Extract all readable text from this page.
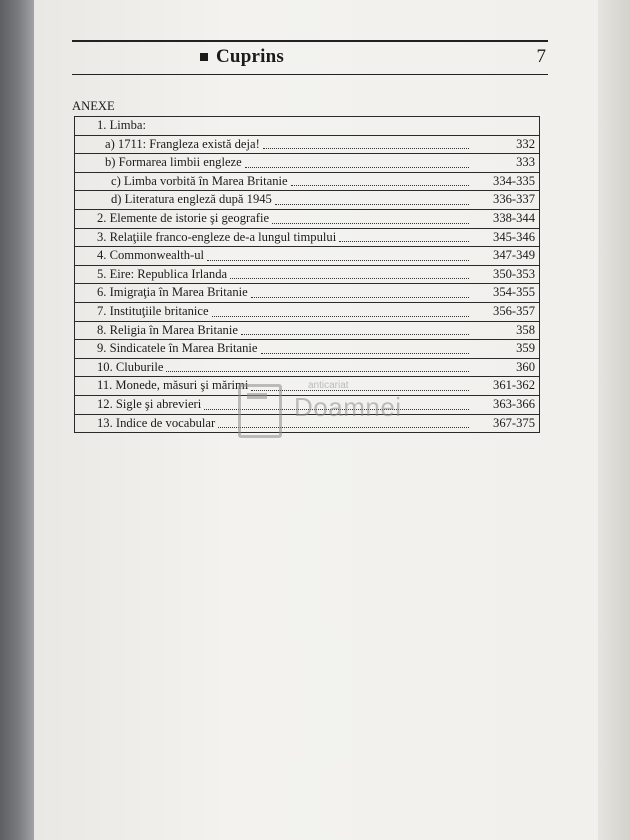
Cuprins	7
ANEXE
1. Limba:
a) 1711: Frangleza există deja!	332
b) Formarea limbii engleze	333
c) Limba vorbită în Marea Britanie	334-335
d) Literatura engleză după 1945	336-337
2. Elemente de istorie şi geografie	338-344
3. Relaţiile franco-engleze de-a lungul timpului	345-346
4. Commonwealth-ul	347-349
5. Eire: Republica Irlanda	350-353
6. Imigraţia în Marea Britanie	354-355
7. Instituţiile britanice	356-357
8. Religia în Marea Britanie	358
9. Sindicatele în Marea Britanie	359
10. Cluburile	360
11. Monede, măsuri şi mărimi	361-362
12. Sigle şi abrevieri	363-366
13. Indice de vocabular	367-375
anticariat
Doamnei
